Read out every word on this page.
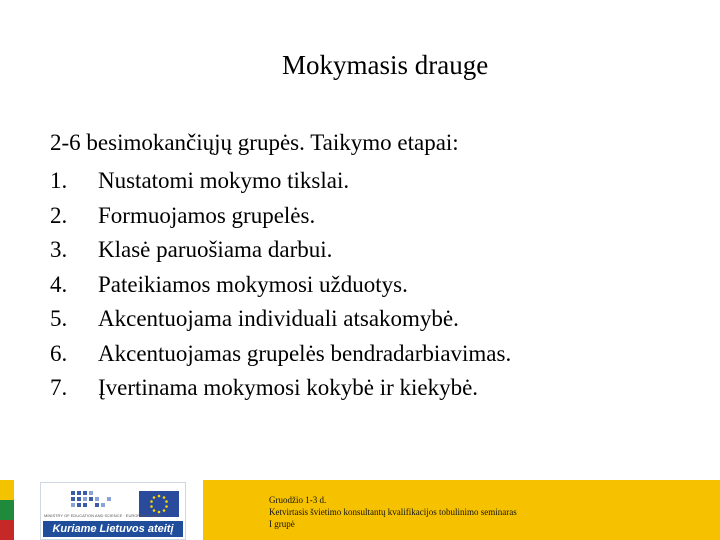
Mokymasis drauge
2-6 besimokančiųjų grupės. Taikymo etapai:
1. Nustatomi mokymo tikslai.
2. Formuojamos grupelės.
3. Klasė paruošiama darbui.
4. Pateikiamos mokymosi užduotys.
5. Akcentuojama individuali atsakomybė.
6. Akcentuojamas grupelės bendradarbiavimas.
7. Įvertinama mokymosi kokybė ir kiekybė.
MINISTRY OF EDUCATION AND SCIENCE · EUROPEAN UNION
Kuriame Lietuvos ateitį
Gruodžio 1-3 d.
Ketvirtasis švietimo konsultantų kvalifikacijos tobulinimo seminaras
I grupė
